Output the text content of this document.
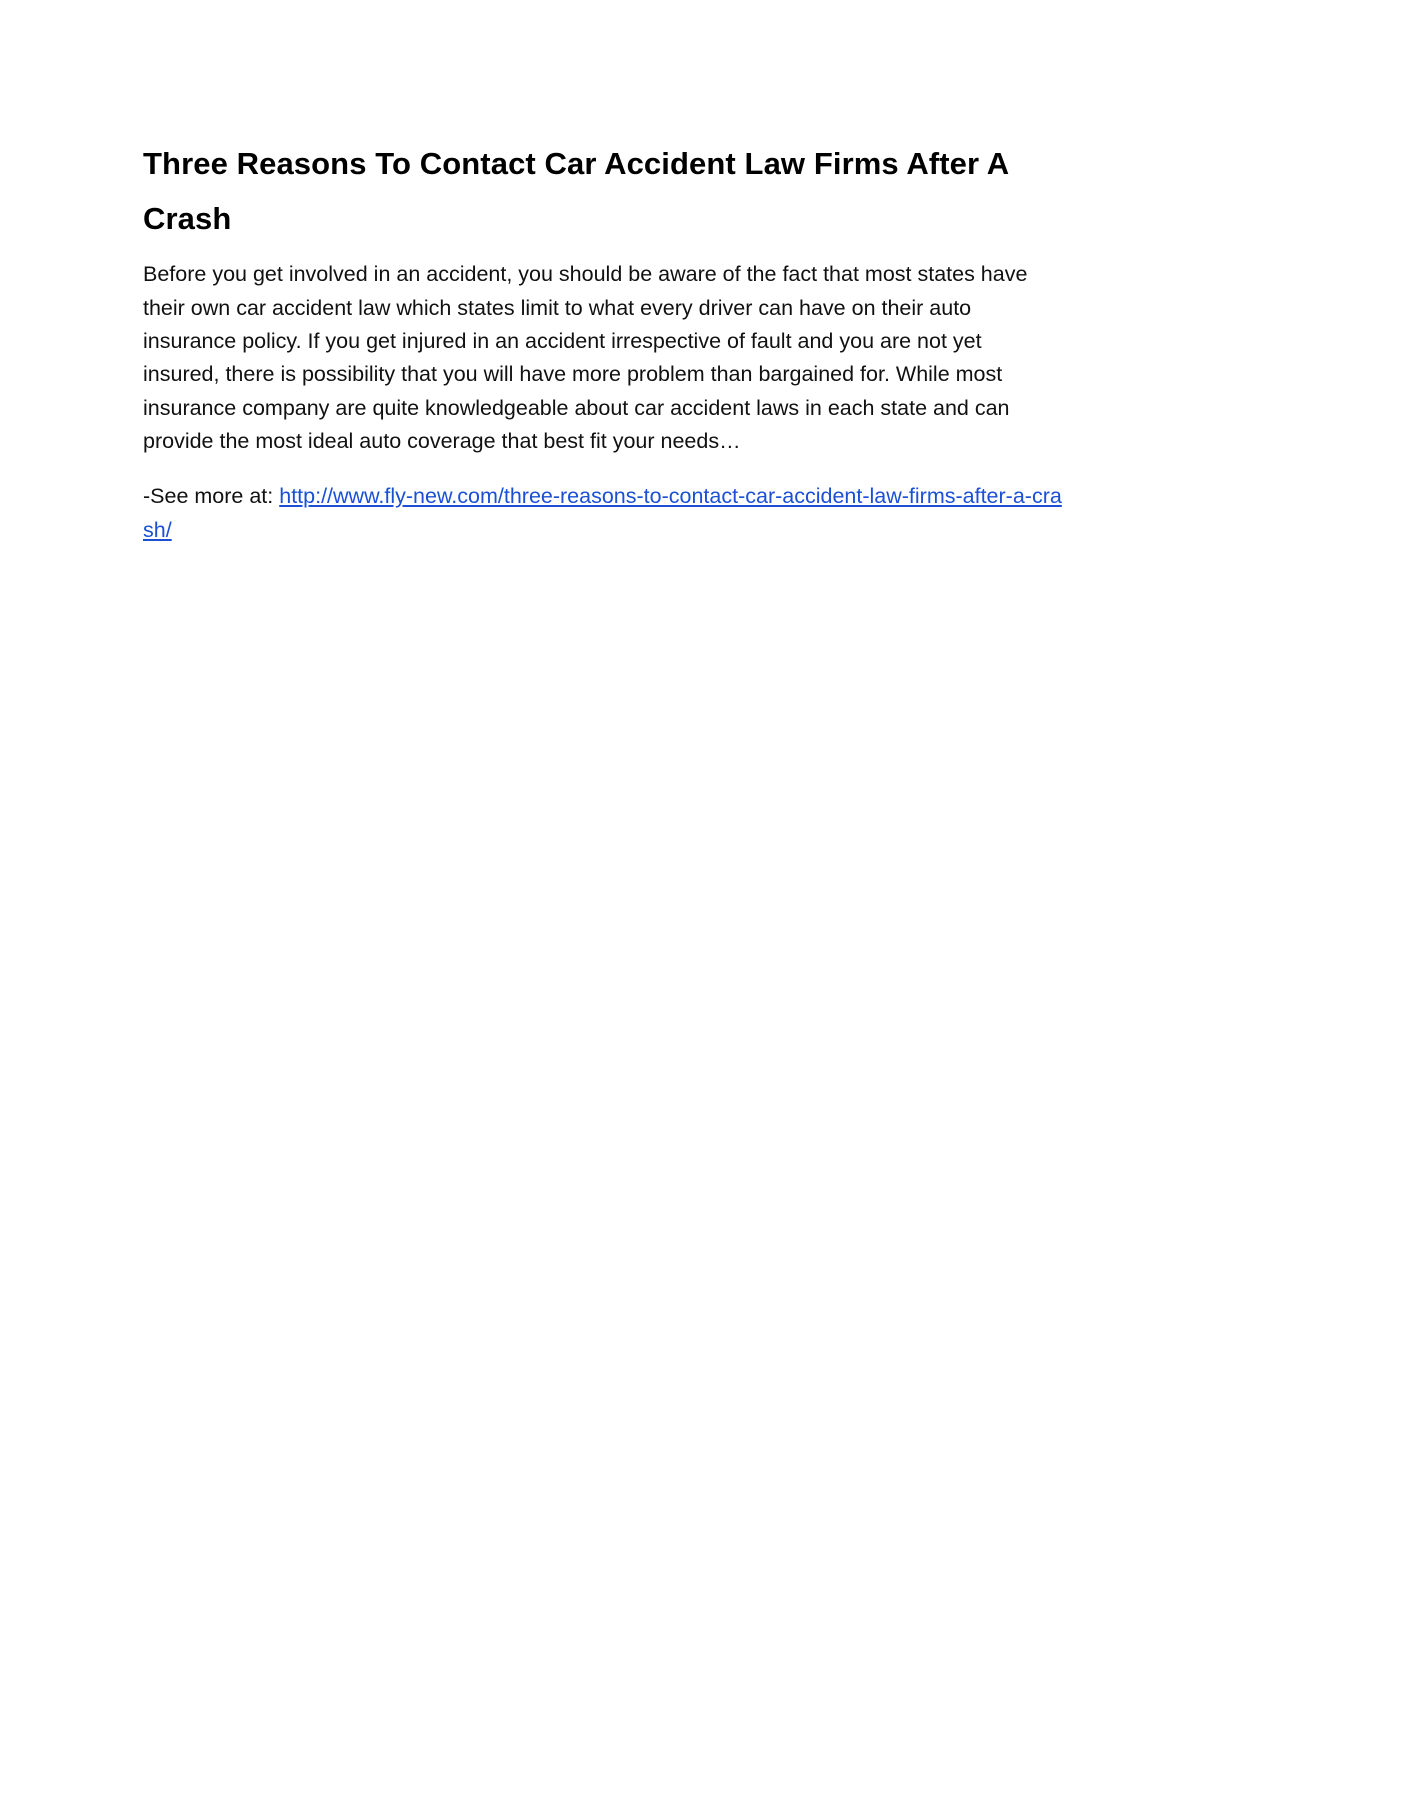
Three Reasons To Contact Car Accident Law Firms After A Crash

Before you get involved in an accident, you should be aware of the fact that most states have their own car accident law which states limit to what every driver can have on their auto insurance policy. If you get injured in an accident irrespective of fault and you are not yet insured, there is possibility that you will have more problem than bargained for. While most insurance company are quite knowledgeable about car accident laws in each state and can provide the most ideal auto coverage that best fit your needs…

-See more at: http://www.fly-new.com/three-reasons-to-contact-car-accident-law-firms-after-a-crash/
